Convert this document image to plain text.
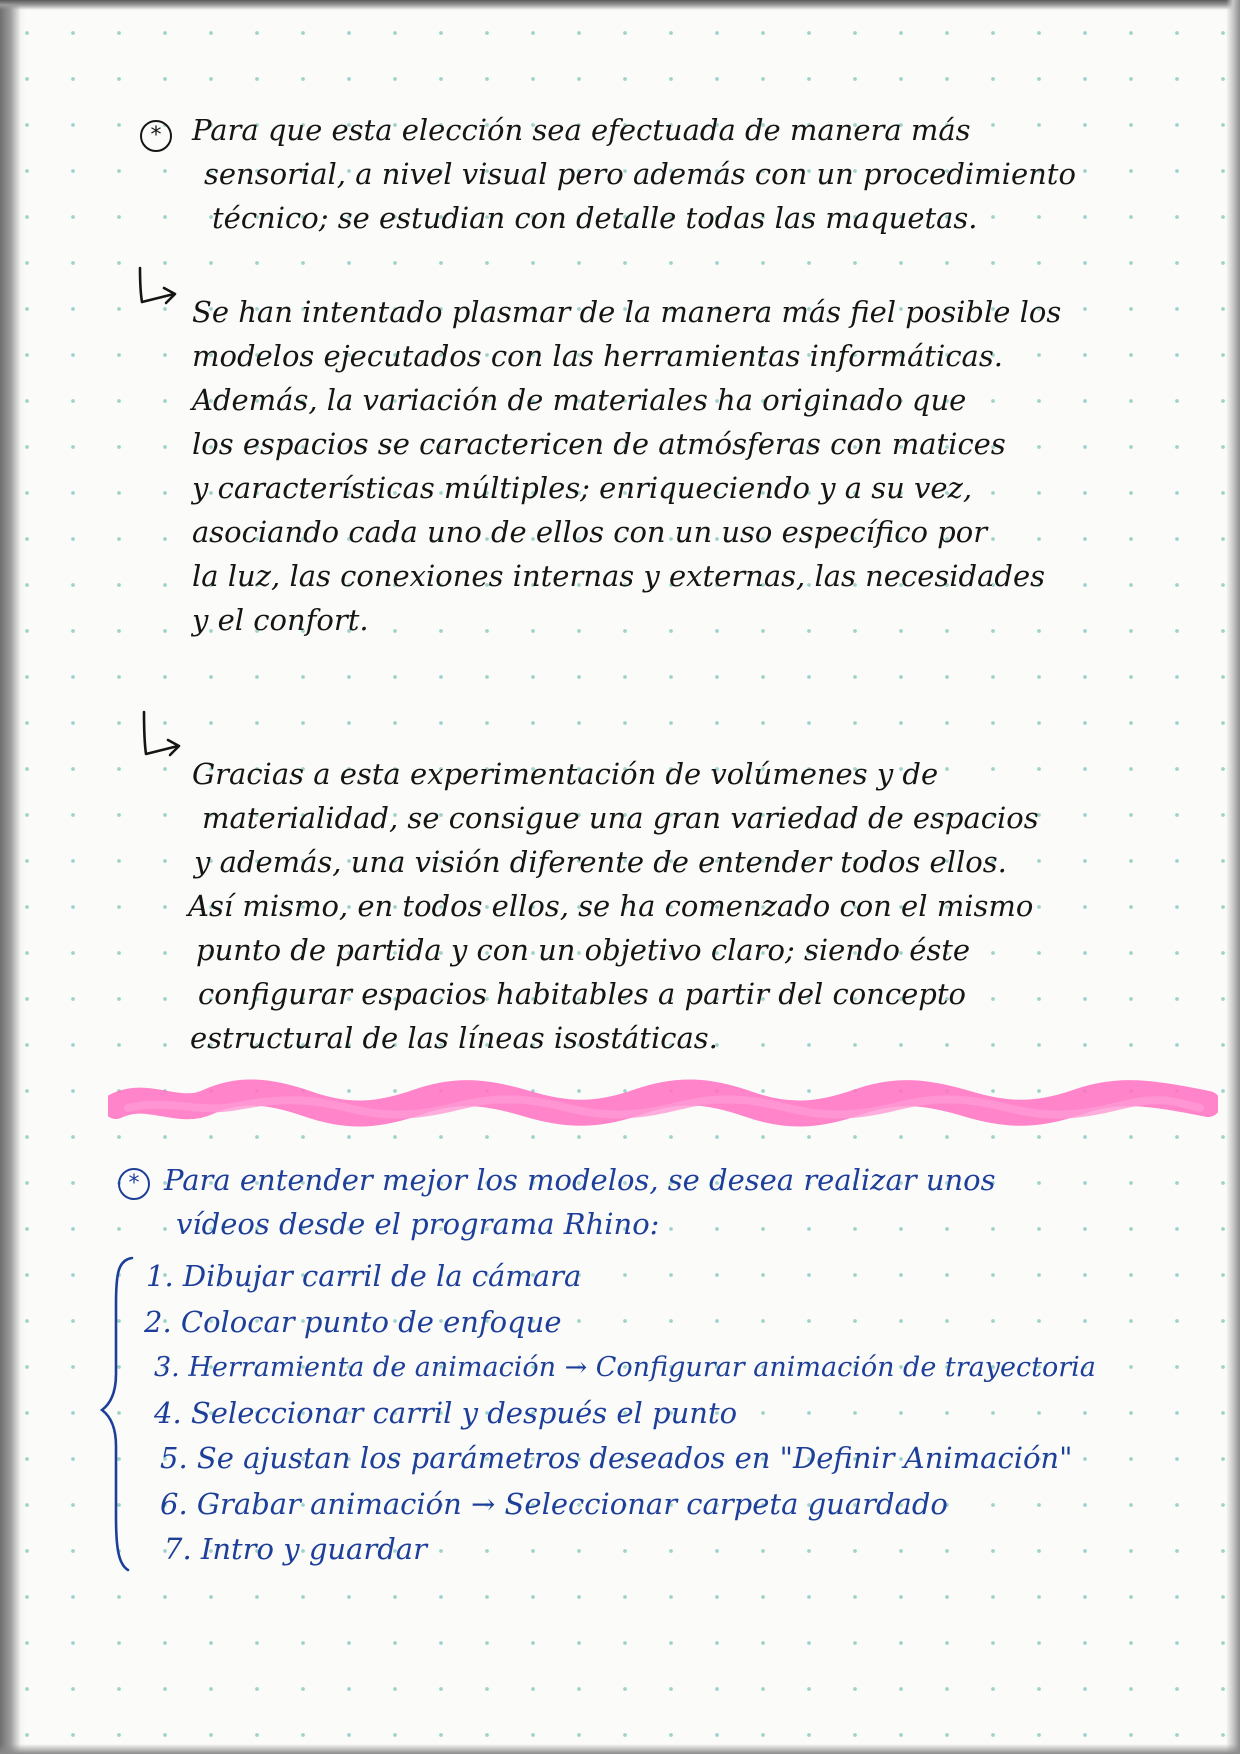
*	Para que esta elección sea efectuada de manera más
sensorial, a nivel visual pero además con un procedimiento
técnico; se estudian con detalle todas las maquetas.
Se han intentado plasmar de la manera más fiel posible los
modelos ejecutados con las herramientas informáticas.
Además, la variación de materiales ha originado que
los espacios se caractericen de atmósferas con matices
y características múltiples; enriqueciendo y a su vez,
asociando cada uno de ellos con un uso específico por
la luz, las conexiones internas y externas, las necesidades
y el confort.
Gracias a esta experimentación de volúmenes y de
materialidad, se consigue una gran variedad de espacios
y además, una visión diferente de entender todos ellos.
Así mismo, en todos ellos, se ha comenzado con el mismo
punto de partida y con un objetivo claro; siendo éste
configurar espacios habitables a partir del concepto
estructural de las líneas isostáticas.
* Para entender mejor los modelos, se desea realizar unos
vídeos desde el programa Rhino:
1. Dibujar carril de la cámara
2. Colocar punto de enfoque
3. Herramienta de animación → Configurar animación de trayectoria
4. Seleccionar carril y después el punto
5. Se ajustan los parámetros deseados en "Definir Animación"
6. Grabar animación → Seleccionar carpeta guardado
7. Intro y guardar
